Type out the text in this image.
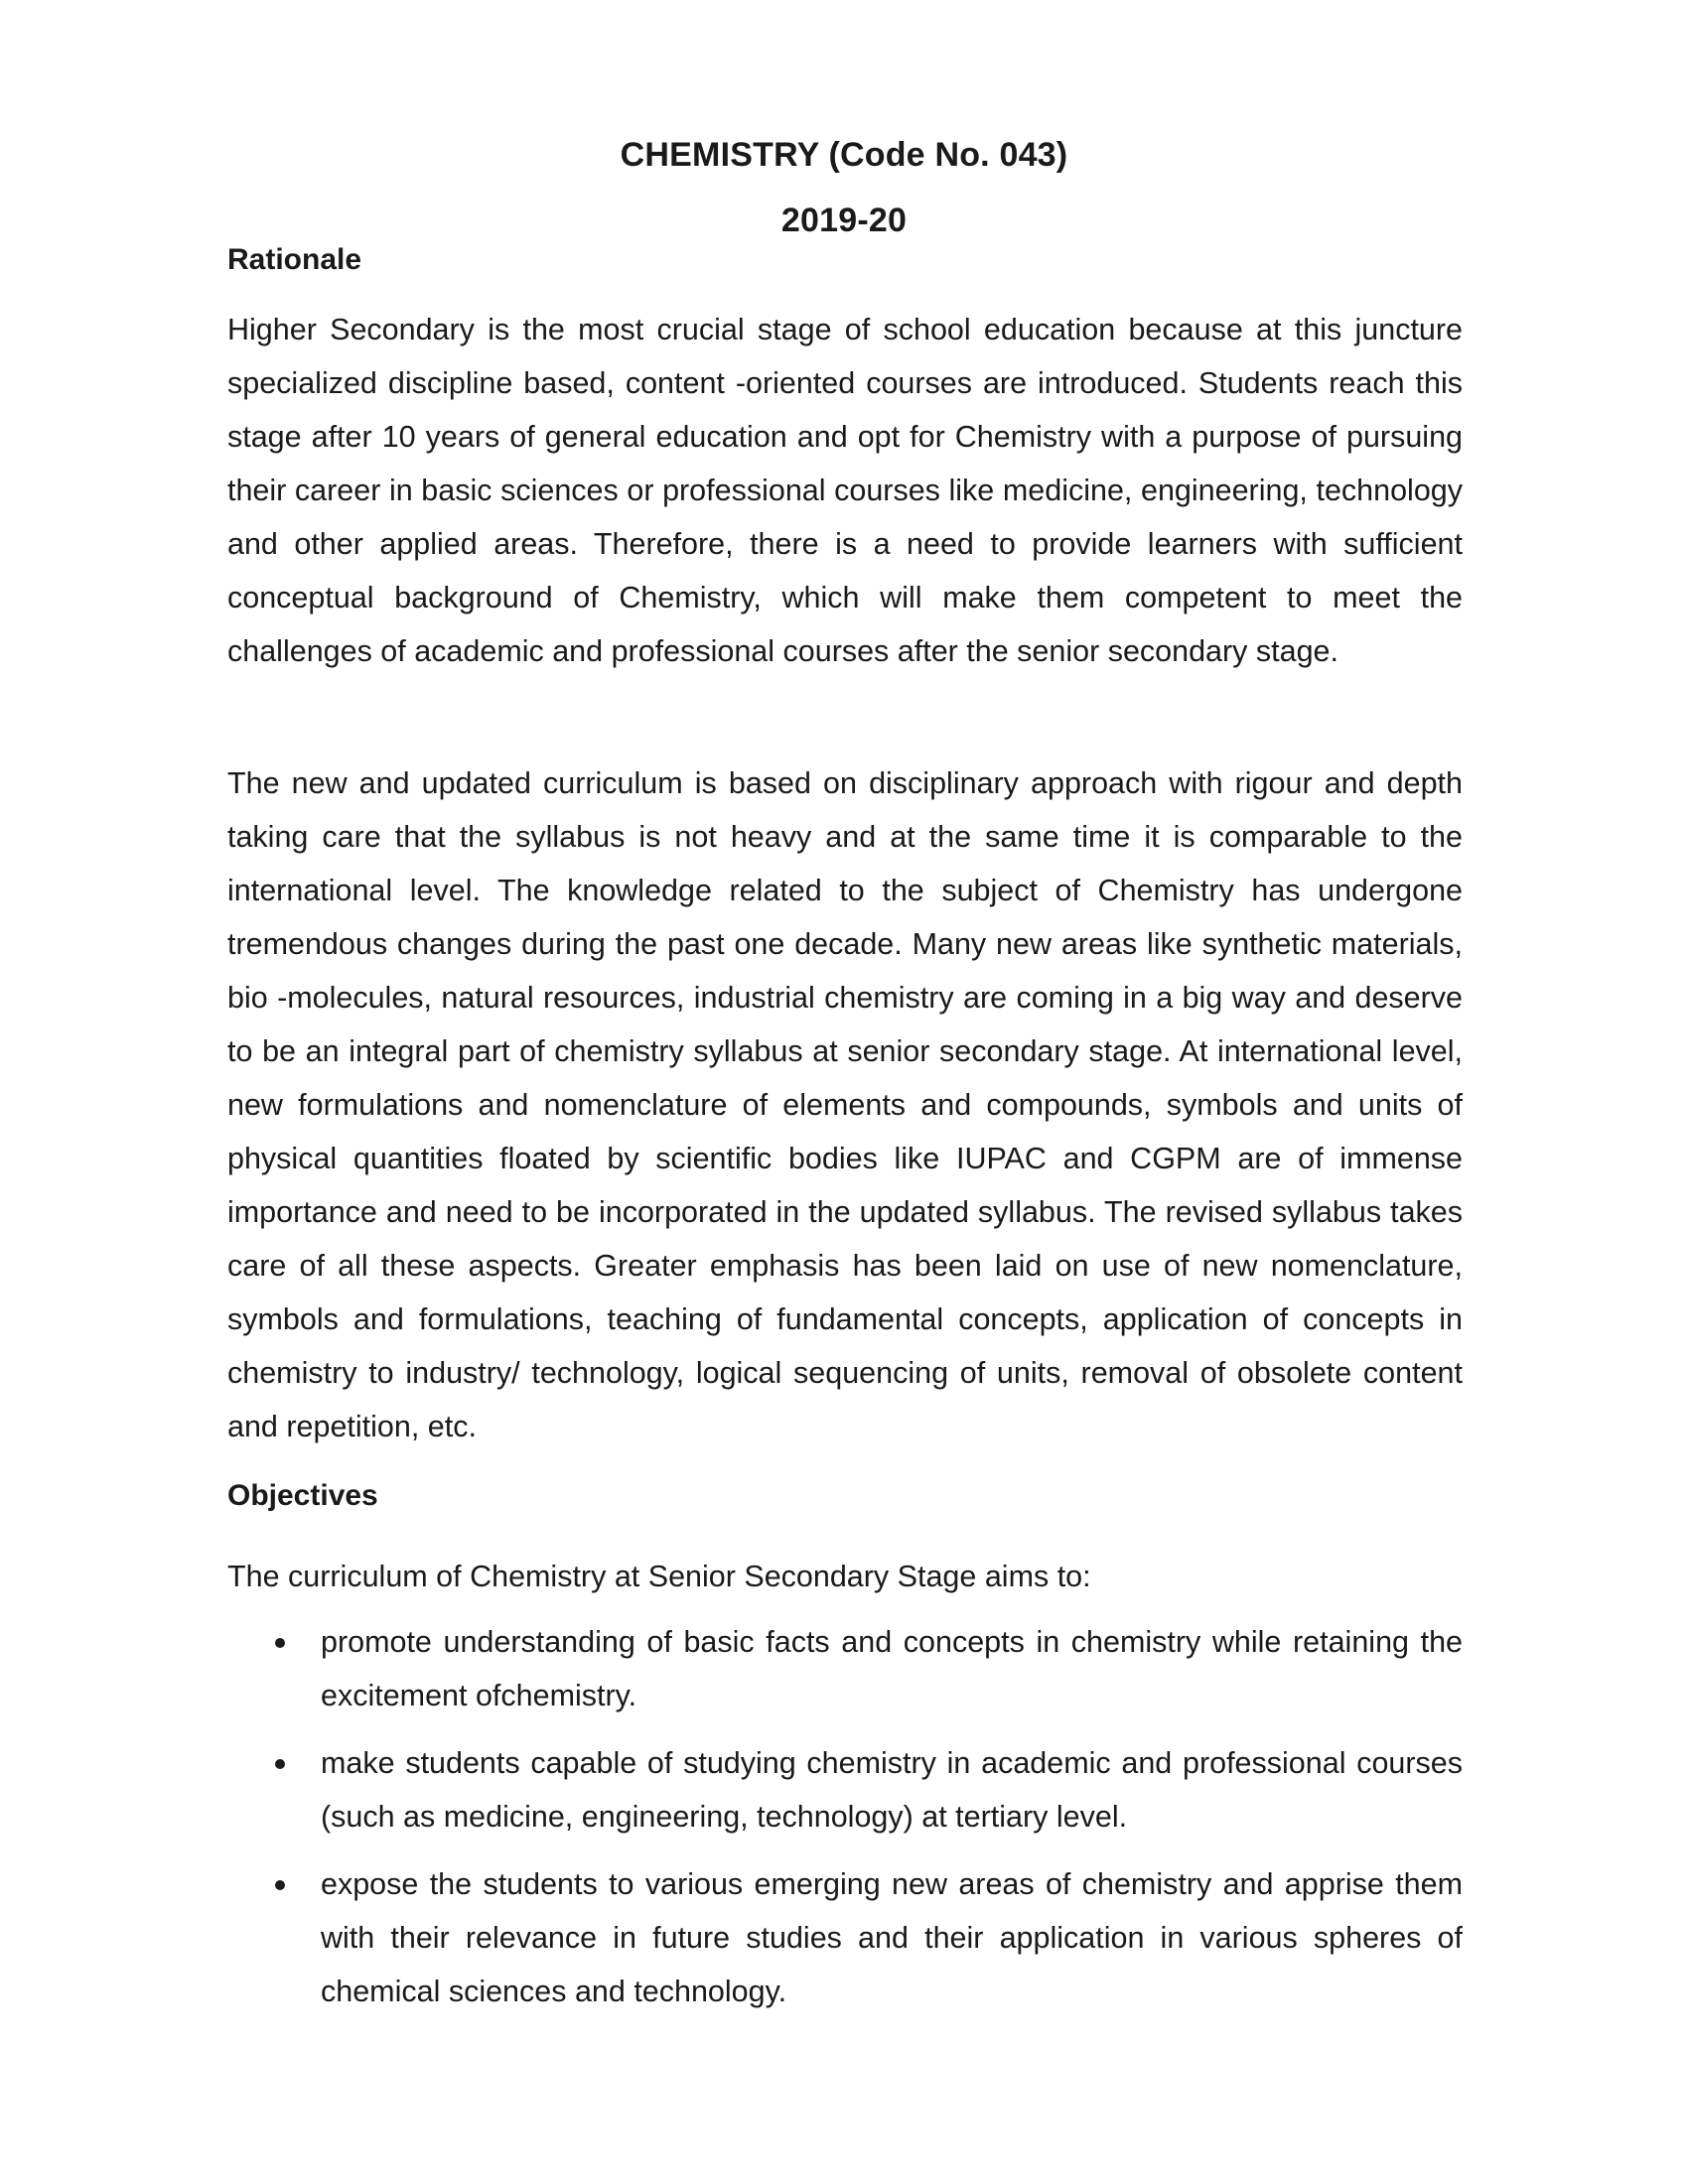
CHEMISTRY (Code No. 043)
2019-20
Rationale

Higher Secondary is the most crucial stage of school education because at this juncture specialized discipline based, content -oriented courses are introduced. Students reach this stage after 10 years of general education and opt for Chemistry with a purpose of pursuing their career in basic sciences or professional courses like medicine, engineering, technology and other applied areas. Therefore, there is a need to provide learners with sufficient conceptual background of Chemistry, which will make them competent to meet the challenges of academic and professional courses after the senior secondary stage.

The new and updated curriculum is based on disciplinary approach with rigour and depth taking care that the syllabus is not heavy and at the same time it is comparable to the international level. The knowledge related to the subject of Chemistry has undergone tremendous changes during the past one decade. Many new areas like synthetic materials, bio -molecules, natural resources, industrial chemistry are coming in a big way and deserve to be an integral part of chemistry syllabus at senior secondary stage. At international level, new formulations and nomenclature of elements and compounds, symbols and units of physical quantities floated by scientific bodies like IUPAC and CGPM are of immense importance and need to be incorporated in the updated syllabus. The revised syllabus takes care of all these aspects. Greater emphasis has been laid on use of new nomenclature, symbols and formulations, teaching of fundamental concepts, application of concepts in chemistry to industry/ technology, logical sequencing of units, removal of obsolete content and repetition, etc.

Objectives

The curriculum of Chemistry at Senior Secondary Stage aims to:

promote understanding of basic facts and concepts in chemistry while retaining the excitement ofchemistry.
make students capable of studying chemistry in academic and professional courses (such as medicine, engineering, technology) at tertiary level.
expose the students to various emerging new areas of chemistry and apprise them with their relevance in future studies and their application in various spheres of chemical sciences and technology.
